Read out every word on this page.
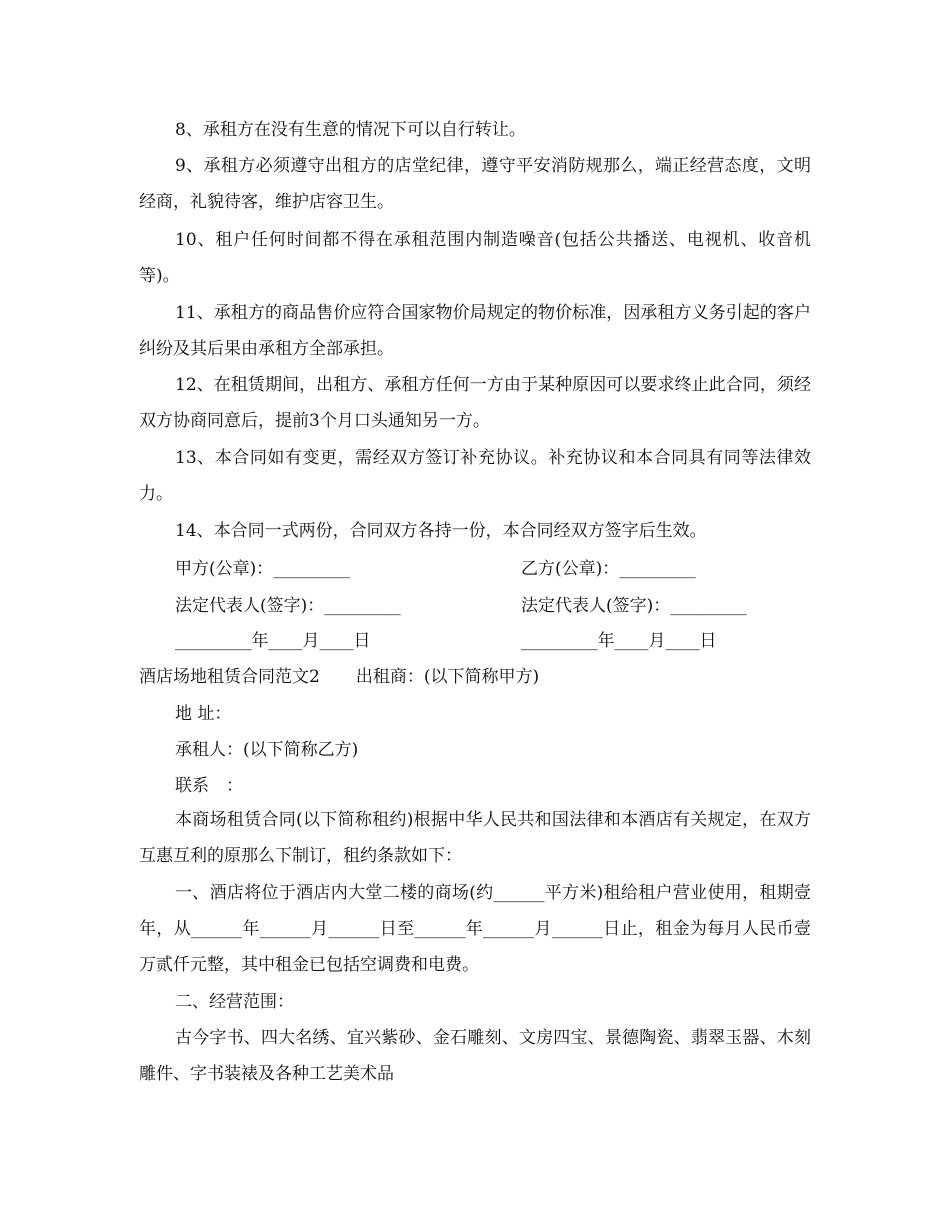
8、承租方在没有生意的情况下可以自行转让。

9、承租方必须遵守出租方的店堂纪律，遵守平安消防规那么，端正经营态度，文明经商，礼貌待客，维护店容卫生。

10、租户任何时间都不得在承租范围内制造噪音(包括公共播送、电视机、收音机等)。

11、承租方的商品售价应符合国家物价局规定的物价标准，因承租方义务引起的客户纠纷及其后果由承租方全部承担。

12、在租赁期间，出租方、承租方任何一方由于某种原因可以要求终止此合同，须经双方协商同意后，提前3个月口头通知另一方。

13、本合同如有变更，需经双方签订补充协议。补充协议和本合同具有同等法律效力。

14、本合同一式两份，合同双方各持一份，本合同经双方签字后生效。

甲方(公章)：_________	乙方(公章)：_________
法定代表人(签字)：_________	法定代表人(签字)：_________
_________年____月____日	_________年____月____日
酒店场地租赁合同范文2 出租商：(以下简称甲方)
地 址：
承租人：(以下简称乙方)
联系　：

本商场租赁合同(以下简称租约)根据中华人民共和国法律和本酒店有关规定，在双方互惠互利的原那么下制订，租约条款如下：

一、酒店将位于酒店内大堂二楼的商场(约______平方米)租给租户营业使用，租期壹年，从______年______月______日至______年______月______日止，租金为每月人民币壹万贰仟元整，其中租金已包括空调费和电费。

二、经营范围：

古今字书、四大名绣、宜兴紫砂、金石雕刻、文房四宝、景德陶瓷、翡翠玉器、木刻雕件、字书装裱及各种工艺美术品
